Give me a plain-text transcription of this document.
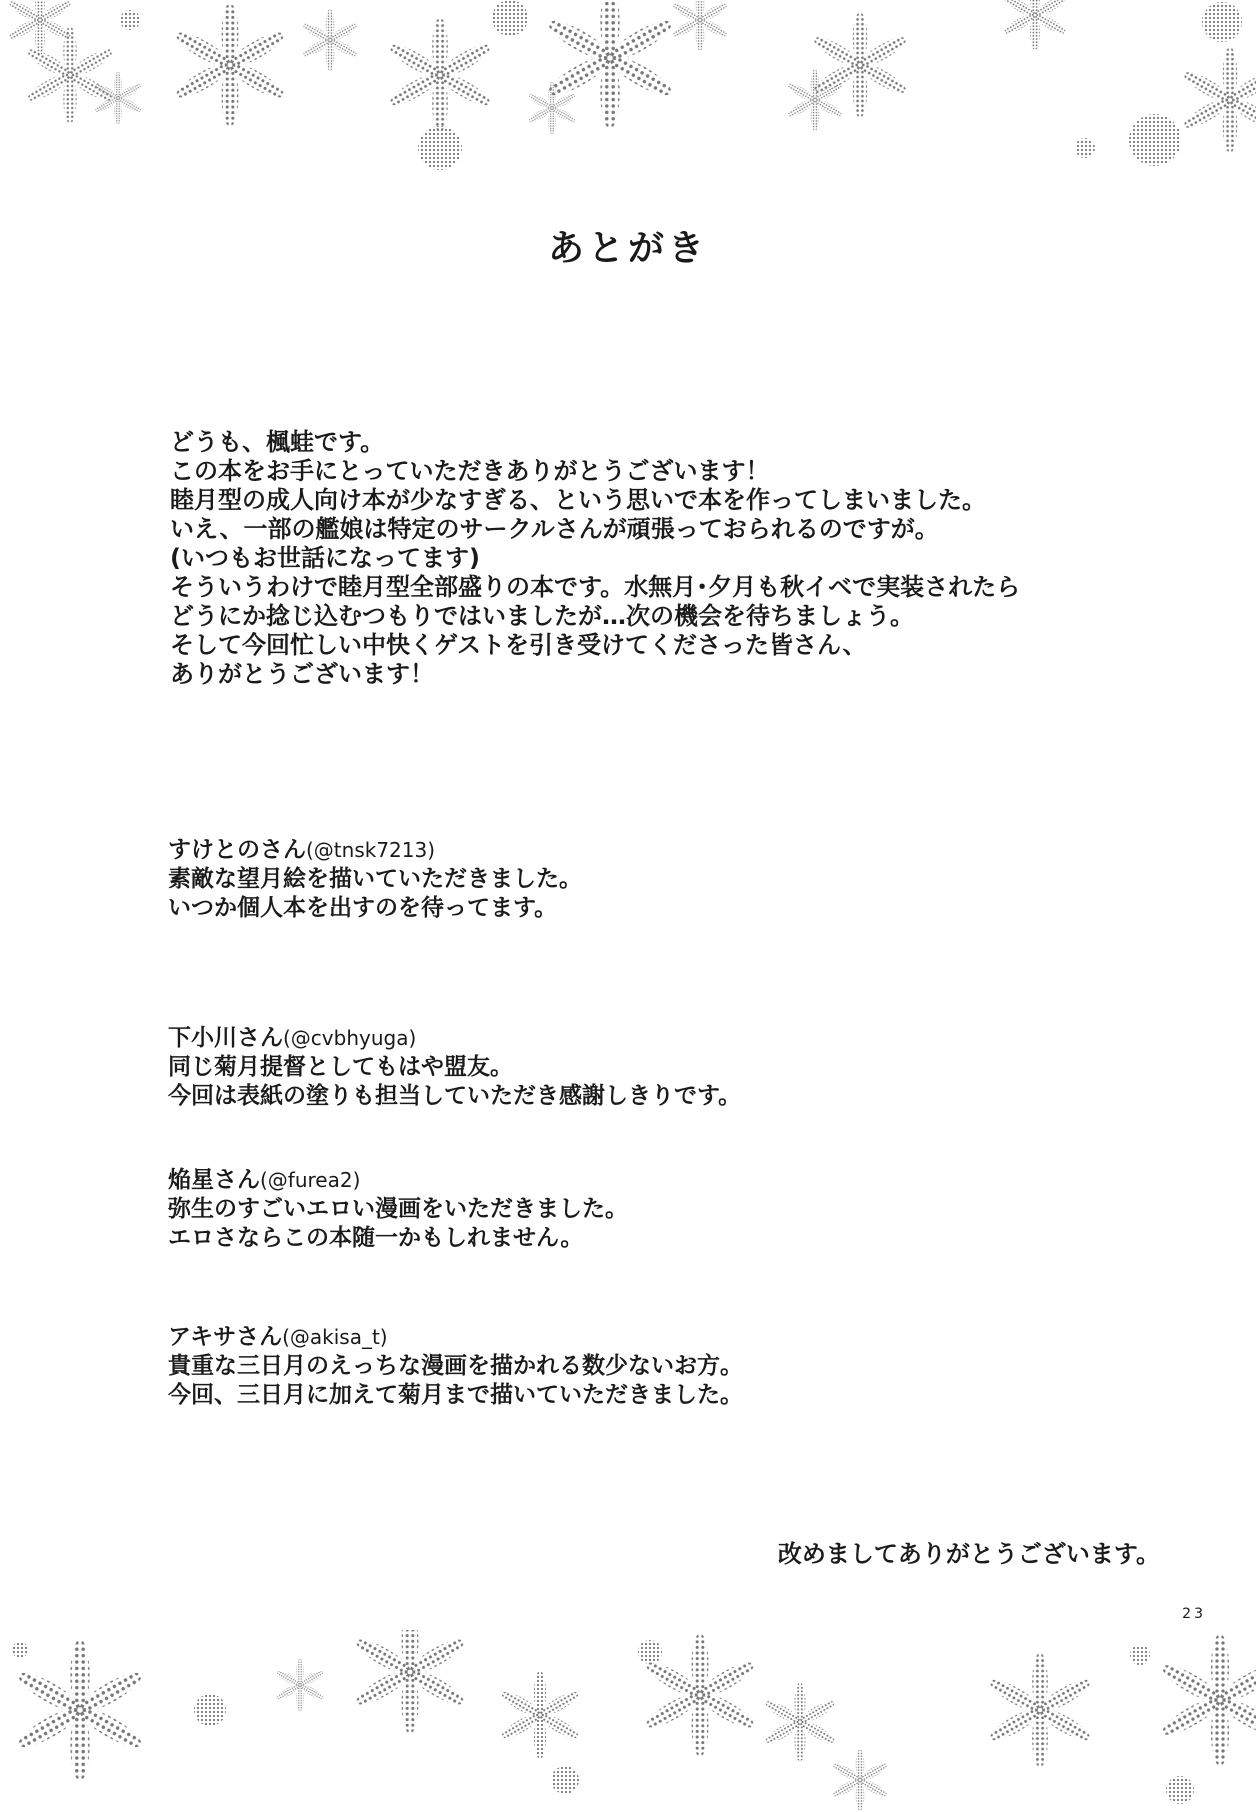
あとがき

どうも、楓蛙です。

この本をお手にとっていただきありがとうございます！

睦月型の成人向け本が少なすぎる、という思いで本を作ってしまいました。

いえ、一部の艦娘は特定のサークルさんが頑張っておられるのですが。

(いつもお世話になってます)

そういうわけで睦月型全部盛りの本です。水無月･夕月も秋イベで実装されたら

どうにか捻じ込むつもりではいましたが…次の機会を待ちましょう。

そして今回忙しい中快くゲストを引き受けてくださった皆さん、

ありがとうございます！

すけとのさん(@tnsk7213)

素敵な望月絵を描いていただきました。

いつか個人本を出すのを待ってます。

下小川さん(@cvbhyuga)

同じ菊月提督としてもはや盟友。

今回は表紙の塗りも担当していただき感謝しきりです。

焔星さん(@furea2)

弥生のすごいエロい漫画をいただきました。

エロさならこの本随一かもしれません。

アキサさん(@akisa_t)

貴重な三日月のえっちな漫画を描かれる数少ないお方。

今回、三日月に加えて菊月まで描いていただきました。

改めましてありがとうございます。
23
